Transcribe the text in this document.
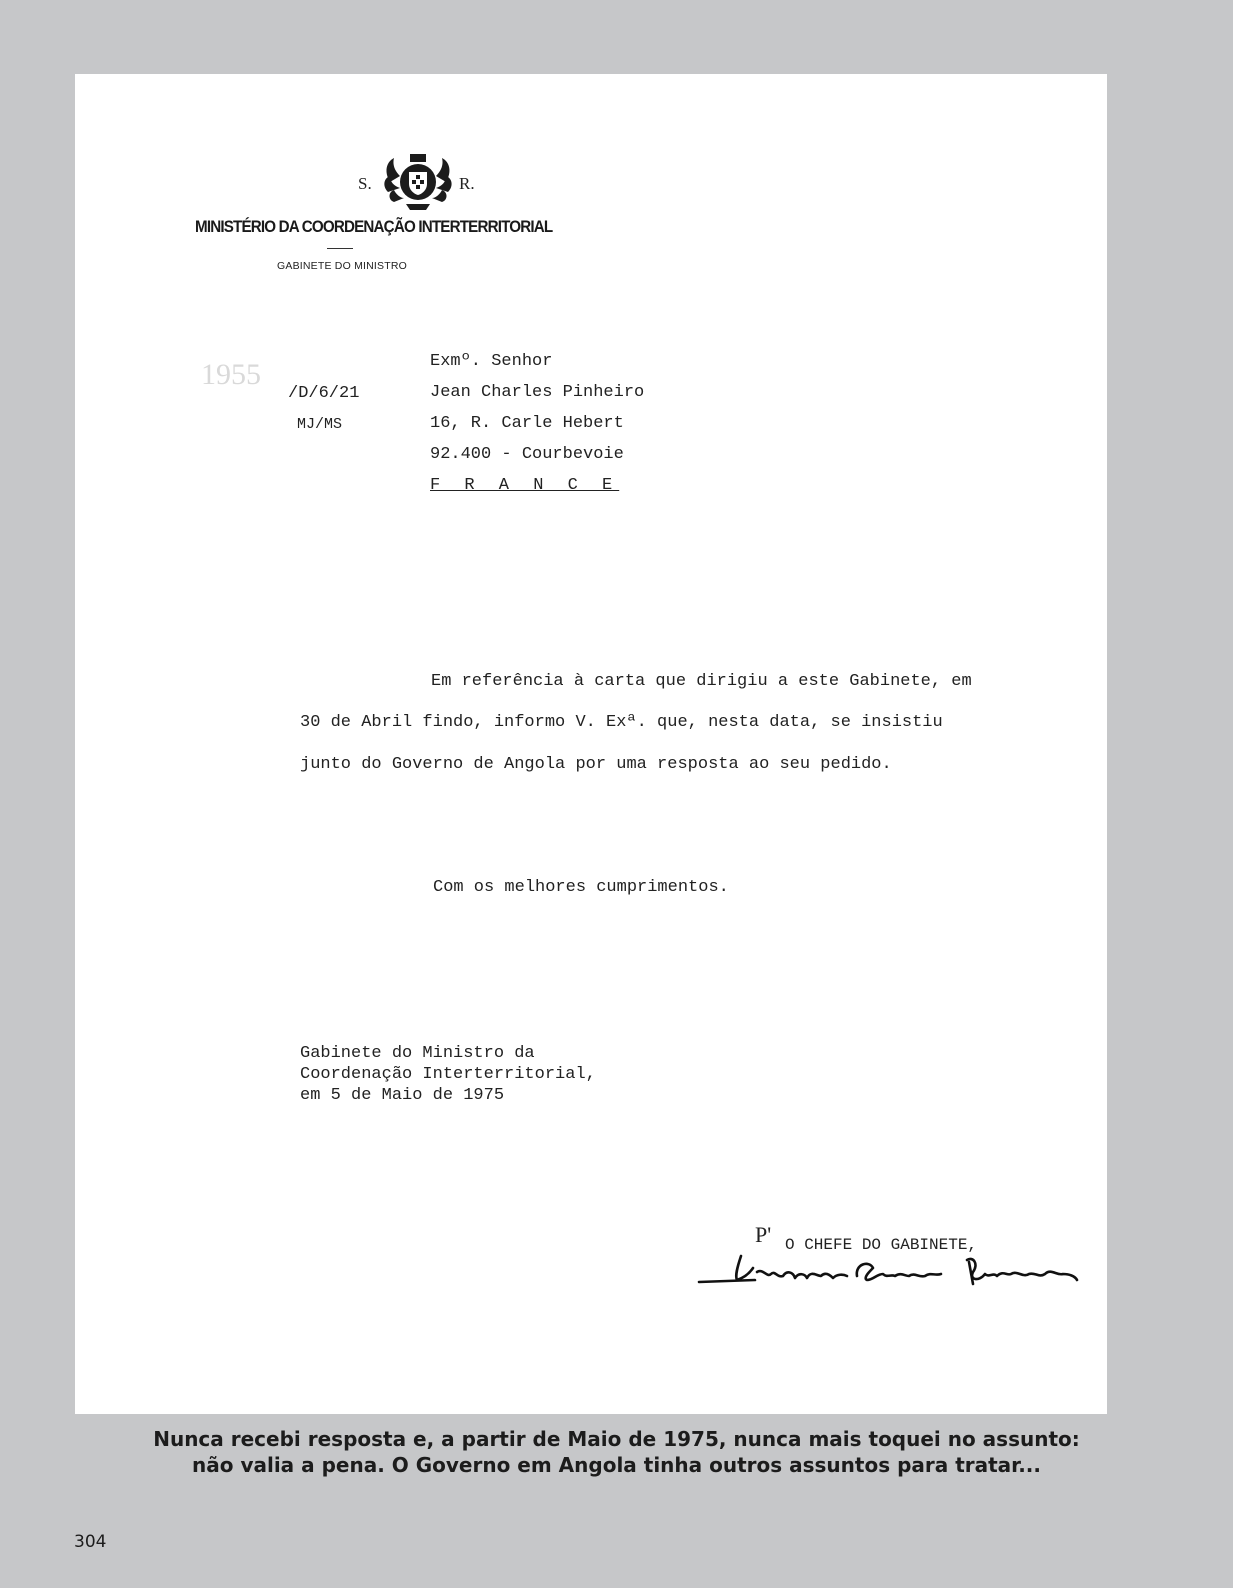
S.	R.
MINISTÉRIO DA COORDENAÇÃO INTERTERRITORIAL
GABINETE DO MINISTRO
1955
/D/6/21
MJ/MS
Exmº. Senhor
Jean Charles Pinheiro
16, R. Carle Hebert
92.400 - Courbevoie
F R A N C E
Em referência à carta que dirigiu a este Gabinete, em
30 de Abril findo, informo V. Exª. que, nesta data, se insistiu
junto do Governo de Angola por uma resposta ao seu pedido.
Com os melhores cumprimentos.
Gabinete do Ministro da
Coordenação Interterritorial,
em 5 de Maio de 1975
P' O CHEFE DO GABINETE,
Nunca recebi resposta e, a partir de Maio de 1975, nunca mais toquei no assunto:
não valia a pena. O Governo em Angola tinha outros assuntos para tratar...
304
